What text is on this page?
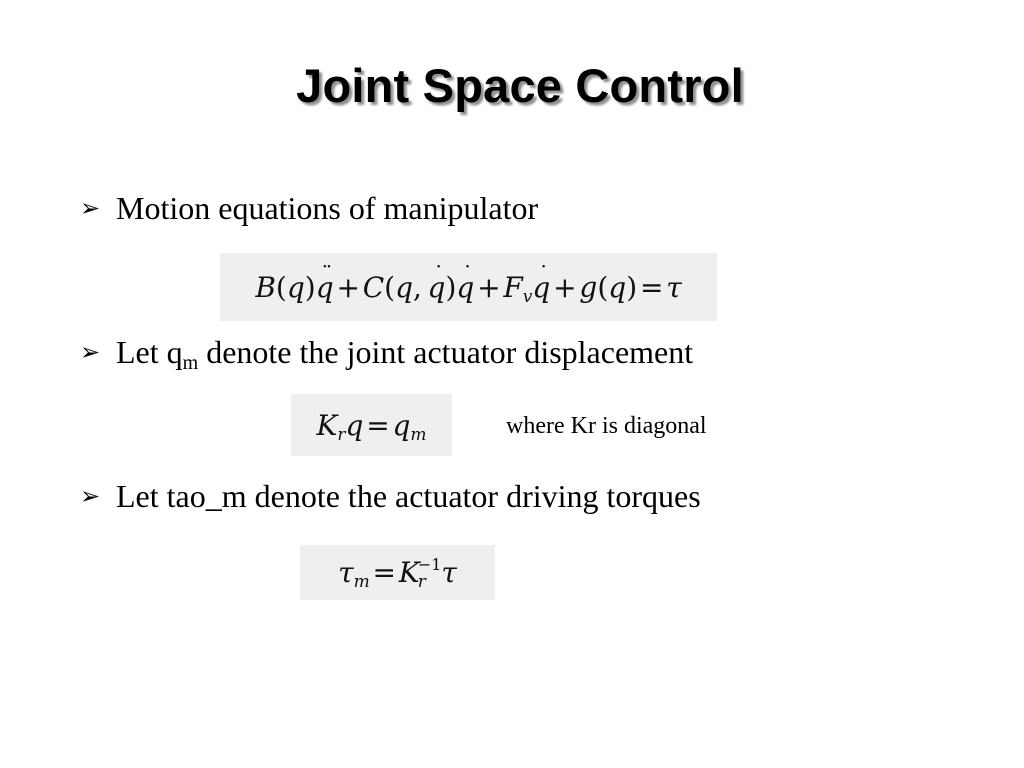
Joint Space Control
➢ Motion equations of manipulator
B(q)¨ q + C(q, ˙ q)˙ q + $F_v˙$ q + g(q) = τ
➢ Let $q_m$ denote the joint actuator displacement
$K_rq$ = $q_m$	where Kr is diagonal
➢ Let tao_m denote the actuator driving torques
$\tau_m$ = $K_r^{-1}\tau$
